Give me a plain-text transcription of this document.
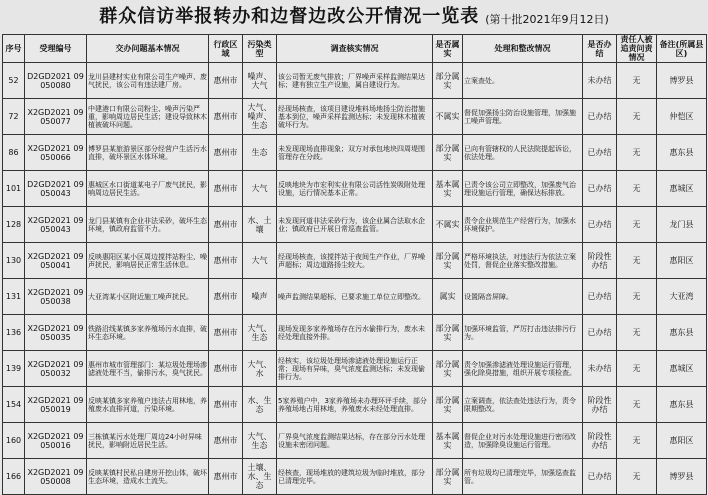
群众信访举报转办和边督边改公开情况一览表 (第十批2021年9月12日)
序号	受理编号	交办问题基本情况	行政区域	污染类型	调查核实情况	是否属实	处理和整改情况	是否办结	责任人被追责问责情况	备注(所属县区)
52	D2GD2021 09050080	龙川县建材实业有限公司生产噪声、废气扰民，该公司有违法建厂房。	惠州市	噪声、大气	该公司暂无废气排放；厂界噪声采样监测结果达标；建有独立生产设施，属自建设行为。	部分属实	立案查处。	未办结	无	博罗县
72	X2GD2021 09050077	中建港口有限公司粉尘、噪声污染严重，影响周边居民生活；建设导致林木植被破坏问题。	惠州市	大气、噪声、生态	经现场核查，该项目建设堆料场地扬尘防治措施基本到位，噪声采样监测达标；未发现林木植被破坏行为。	不属实	督促加强扬尘防治设施管理，加强施工噪声管理。	已办结	无	仲恺区
86	X2GD2021 09050066	博罗县某旅游景区部分经营户生活污水直排，破坏景区水体环境。	惠州市	生态	未发现现场直排现象；双方对承包地块四周堤围管理存在分歧。	部分属实	已向有管辖权的人民法院提起诉讼，依法处理。	已办结	无	惠东县
101	D2GD2021 09050043	惠城区水口街道某电子厂废气扰民，影响周边居民生活。	惠州市	大气	反映地块为市宏利实业有限公司活性炭吸附处理设施，运行情况基本正常。	基本属实	已责令该公司立即整改，加强废气治理设施运行管理，确保达标排放。	已办结	无	惠城区
128	X2GD2021 09050043	龙门县某镇有企业非法采砂，破坏生态环境，镇政府监管不力。	惠州市	水、土壤	未发现河道非法采砂行为，该企业属合法取水企业；镇政府已开展日常巡查监管。	不属实	责令企业规范生产经营行为，加强水环境保护。	已办结	无	龙门县
130	X2GD2021 09050041	反映惠阳区某小区周边搅拌站粉尘、噪声扰民，影响居民正常生活休息。	惠州市	大气	经现场核查，该搅拌站于夜间生产作业，厂界噪声超标；周边道路扬尘较大。	部分属实	严格环境执法，对违法行为依法立案处罚，督促企业落实整改措施。	阶段性办结	无	惠阳区
131	X2GD2021 09050038	大亚湾某小区附近施工噪声扰民。	惠州市	噪声	噪声监测结果超标，已要求施工单位立即整改。	属实	设置隔音屏障。	已办结	无	大亚湾
136	X2GD2021 09050035	铁路沿线某镇多家养殖场污水直排，破坏生态环境。	惠州市	大气、生态	现场发现多家养殖场存在污水偷排行为，废水未经处理直接外排。	部分属实	加强环境监管，严厉打击违法排污行为。	已办结	无	惠东县
139	X2GD2021 09050032	惠州市城市管理部门：某垃圾处理场渗滤液处理不当，偷排污水，臭气扰民。	惠州市	大气、水	经核实，该垃圾处理场渗滤液处理设施运行正常；现场有异味，臭气浓度监测达标；未发现偷排行为。	部分属实	责令加强渗滤液处理设施运行管理，强化除臭措施，组织开展专项检查。	未办结	无	惠城区
154	X2GD2021 09050019	反映某镇多家养殖户违法占用林地，养殖废水直排河道，污染环境。	惠州市	水、生态	5家养殖户中，3家养殖场未办理环评手续，部分养殖场地占用林地，养殖废水未经处理直排。	部分属实	立案调查，依法查处违法行为，责令限期整改。	阶段性办结	无	惠东县
160	X2GD2021 09050016	三栋镇某污水处理厂周边24小时异味扰民，影响附近居民生活。	惠州市	大气、生态	厂界臭气浓度监测结果达标，存在部分污水处理设施未密闭问题。	基本属实	督促企业对污水处理设施进行密闭改造，加强除臭设施运行管理。	阶段性办结	无	惠阳区
166	X2GD2021 09050008	反映某镇村民私自建房开挖山体，破坏生态环境，造成水土流失。	惠州市	土壤、水、生态	经核查，现场堆放的建筑垃圾为临时堆放，部分已清理完毕。	部分属实	所有垃圾均已清理完毕，加强巡查监管。	已办结	无	博罗县
